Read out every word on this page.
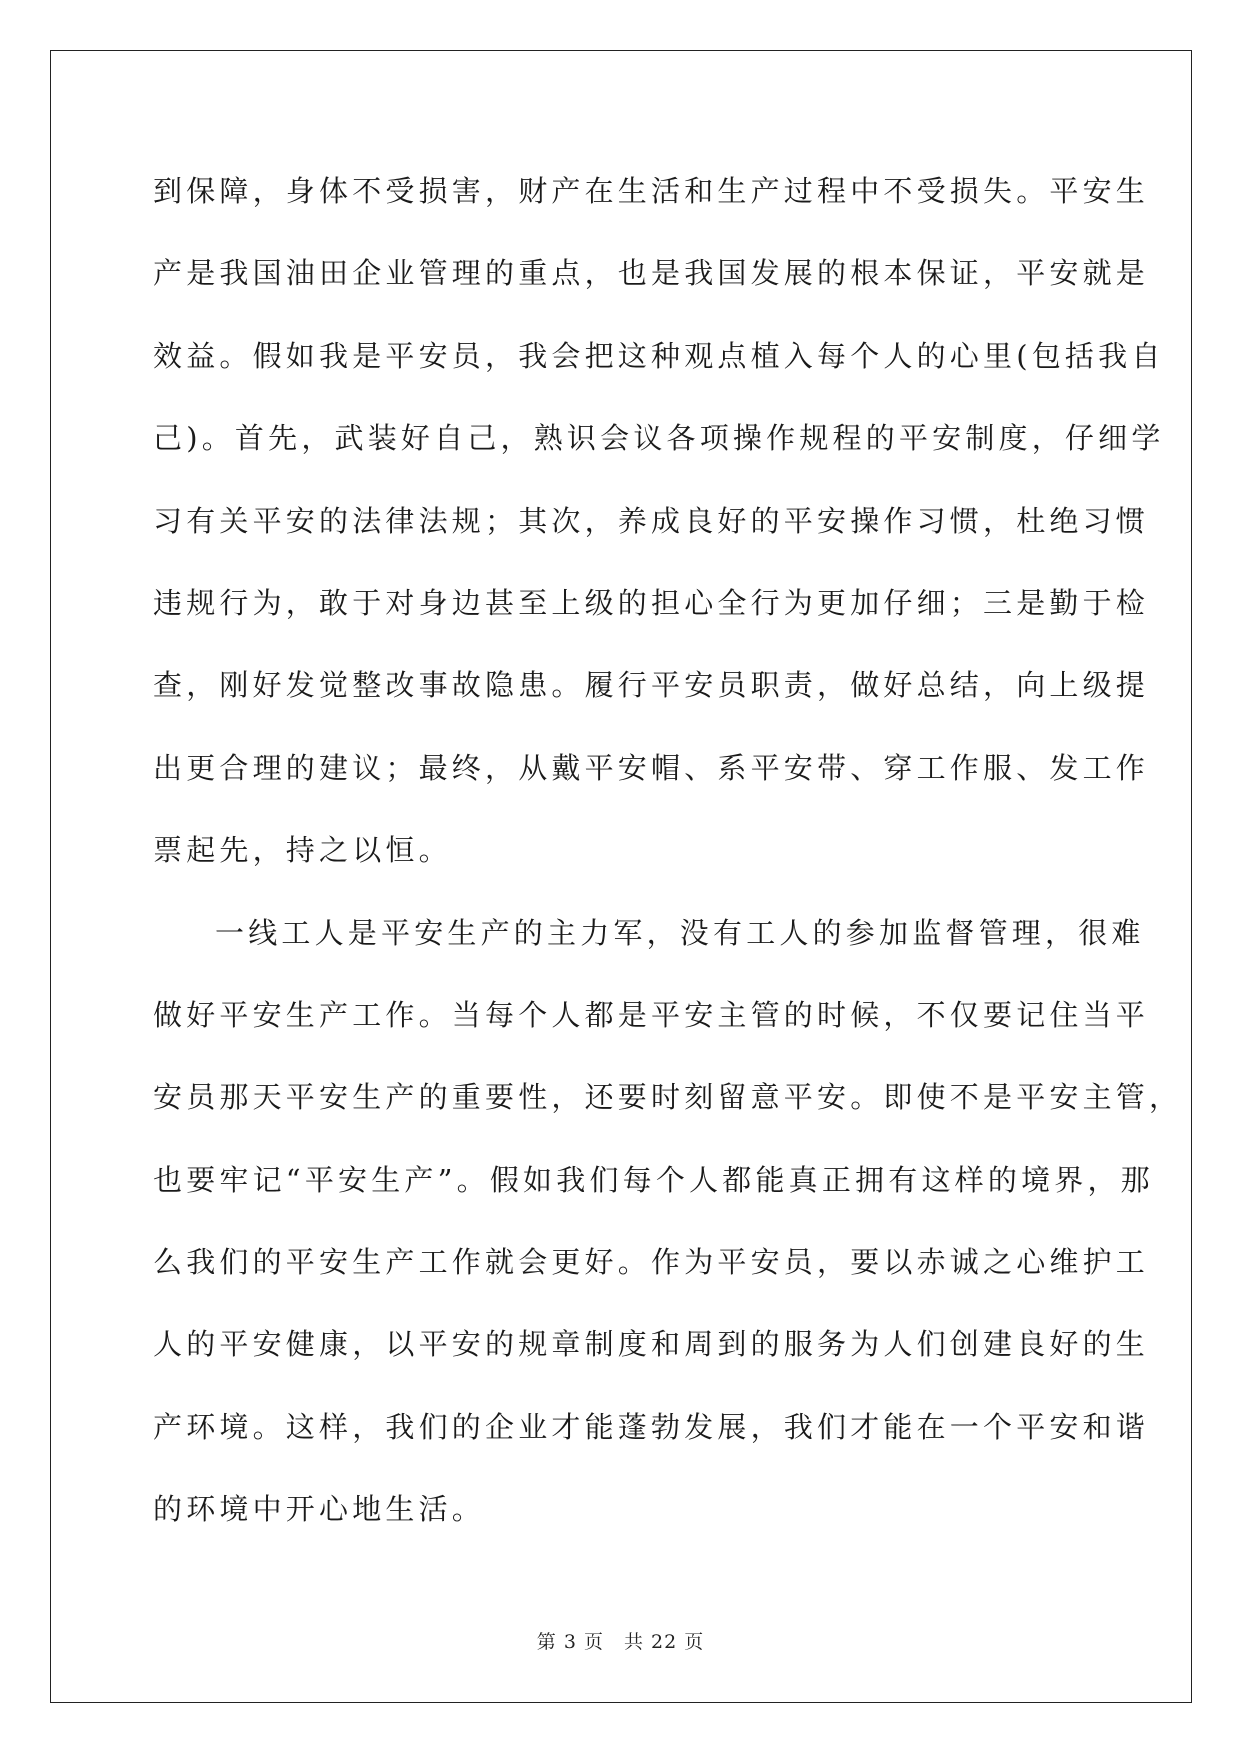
到保障，身体不受损害，财产在生活和生产过程中不受损失。平安生
产是我国油田企业管理的重点，也是我国发展的根本保证，平安就是
效益。假如我是平安员，我会把这种观点植入每个人的心里(包括我自
己)。首先，武装好自己，熟识会议各项操作规程的平安制度，仔细学
习有关平安的法律法规；其次，养成良好的平安操作习惯，杜绝习惯
违规行为，敢于对身边甚至上级的担心全行为更加仔细；三是勤于检
查，刚好发觉整改事故隐患。履行平安员职责，做好总结，向上级提
出更合理的建议；最终，从戴平安帽、系平安带、穿工作服、发工作
票起先，持之以恒。

一线工人是平安生产的主力军，没有工人的参加监督管理，很难
做好平安生产工作。当每个人都是平安主管的时候，不仅要记住当平
安员那天平安生产的重要性，还要时刻留意平安。即使不是平安主管，
也要牢记“平安生产”。假如我们每个人都能真正拥有这样的境界，那
么我们的平安生产工作就会更好。作为平安员，要以赤诚之心维护工
人的平安健康，以平安的规章制度和周到的服务为人们创建良好的生
产环境。这样，我们的企业才能蓬勃发展，我们才能在一个平安和谐
的环境中开心地生活。

第 3 页　共 22 页
